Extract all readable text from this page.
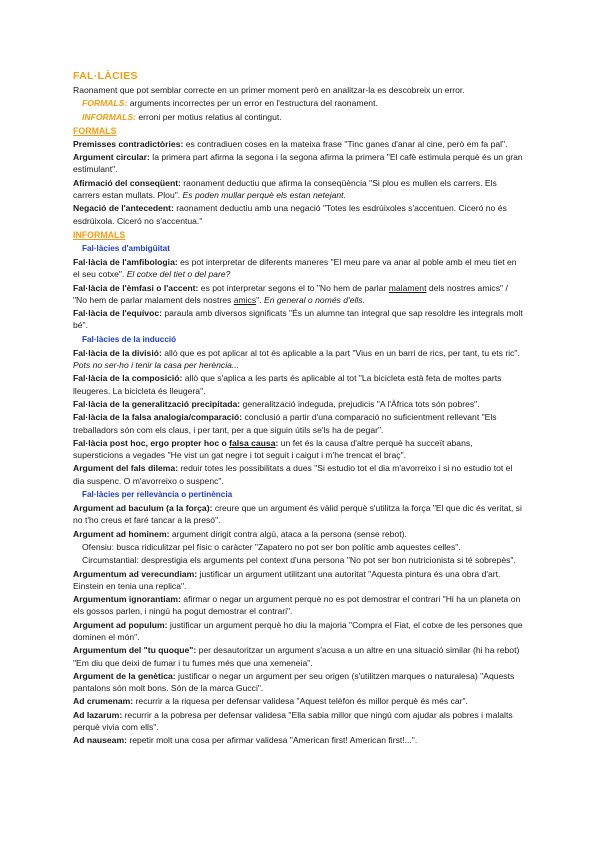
FAL·LÀCIES

Raonament que pot semblar correcte en un primer moment però en analitzar-la es descobreix un error.

FORMALS: arguments incorrectes per un error en l'estructura del raonament.

INFORMALS: erroni per motius relatius al contingut.

FORMALS

Premisses contradictòries: es contradiuen coses en la mateixa frase "Tinc ganes d'anar al cine, però em fa pal".

Argument circular: la primera part afirma la segona i la segona afirma la primera "El cafè estimula perquè és un gran estimulant".

Afirmació del conseqüent: raonament deductiu que afirma la conseqüència "Si plou es mullen els carrers. Els carrers estan mullats. Plou". Es poden mullar perquè els estan netejant.

Negació de l'antecedent: raonament deductiu amb una negació "Totes les esdrúixoles s'accentuen. Ciceró no és esdrúixola. Ciceró no s'accentua."

INFORMALS
Fal·làcies d'ambigüitat

Fal·làcia de l'amfibologia: es pot interpretar de diferents maneres "El meu pare va anar al poble amb el meu tiet en el seu cotxe". El cotxe del tiet o del pare?

Fal·làcia de l'èmfasi o l'accent: es pot interpretar segons el to "No hem de parlar malament dels nostres amics" / "No hem de parlar malament dels nostres amics". En general o només d'ells.

Fal·làcia de l'equívoc: paraula amb diversos significats "És un alumne tan integral que sap resoldre les integrals molt bé".

Fal·làcies de la inducció

Fal·làcia de la divisió: allò que es pot aplicar al tot és aplicable a la part "Vius en un barri de rics, per tant, tu ets ric". Pots no ser-ho i tenir la casa per herència...

Fal·làcia de la composició: allò que s'aplica a les parts és aplicable al tot "La bicicleta està feta de moltes parts lleugeres. La bicicleta és lleugera".

Fal·làcia de la generalització precipitada: generalització indeguda, prejudicis "A l'Àfrica tots són pobres".

Fal·làcia de la falsa analogia/comparació: conclusió a partir d'una comparació no suficientment rellevant "Els treballadors són com els claus, i per tant, per a que siguin útils se'ls ha de pegar".

Fal·làcia post hoc, ergo propter hoc o falsa causa: un fet és la causa d'altre perquè ha succeït abans, supersticions a vegades "He vist un gat negre i tot seguit i caigut i m'he trencat el braç".

Argument del fals dilema: reduir totes les possibilitats a dues "Si estudio tot el dia m'avorreixo i si no estudio tot el dia suspenc. O m'avorreixo o suspenc".

Fal·làcies per rellevància o pertinència

Argument ad baculum (a la força): creure que un argument és vàlid perquè s'utilitza la força "El que dic és veritat, si no t'ho creus et faré tancar a la presó".

Argument ad hominem: argument dirigit contra algú, ataca a la persona (sense rebot).

Ofensiu: busca ridiculitzar pel físic o caràcter "Zapatero no pot ser bon polític amb aquestes celles".

Circumstantial: desprestigia els arguments pel context d'una persona "No pot ser bon nutricionista si té sobrepès".

Argumentum ad verecundiam: justificar un argument utilitzant una autoritat "Aquesta pintura és una obra d'art. Einstein en tenia una replica".

Argumentum ignorantiam: afirmar o negar un argument perquè no es pot demostrar el contrari "Hi ha un planeta on els gossos parlen, i ningú ha pogut demostrar el contrari".

Argument ad populum: justificar un argument perquè ho diu la majoria "Compra el Fiat, el cotxe de les persones que dominen el món".

Argumentum del "tu quoque": per desautoritzar un argument s'acusa a un altre en una situació similar (hi ha rebot) "Em diu que deixi de fumar i tu fumes més que una xemeneia".

Argument de la genètica: justificar o negar un argument per seu origen (s'utilitzen marques o naturalesa) "Aquests pantalons són molt bons. Són de la marca Gucci".

Ad crumenam: recurrir a la riquesa per defensar validesa "Aquest telèfon és millor perquè és més car".

Ad lazarum: recurrir a la pobresa per defensar validesa "Ella sabia millor que ningú com ajudar als pobres i malalts perquè vivia com ells".

Ad nauseam: repetir molt una cosa per afirmar validesa "American first! American first!...".
